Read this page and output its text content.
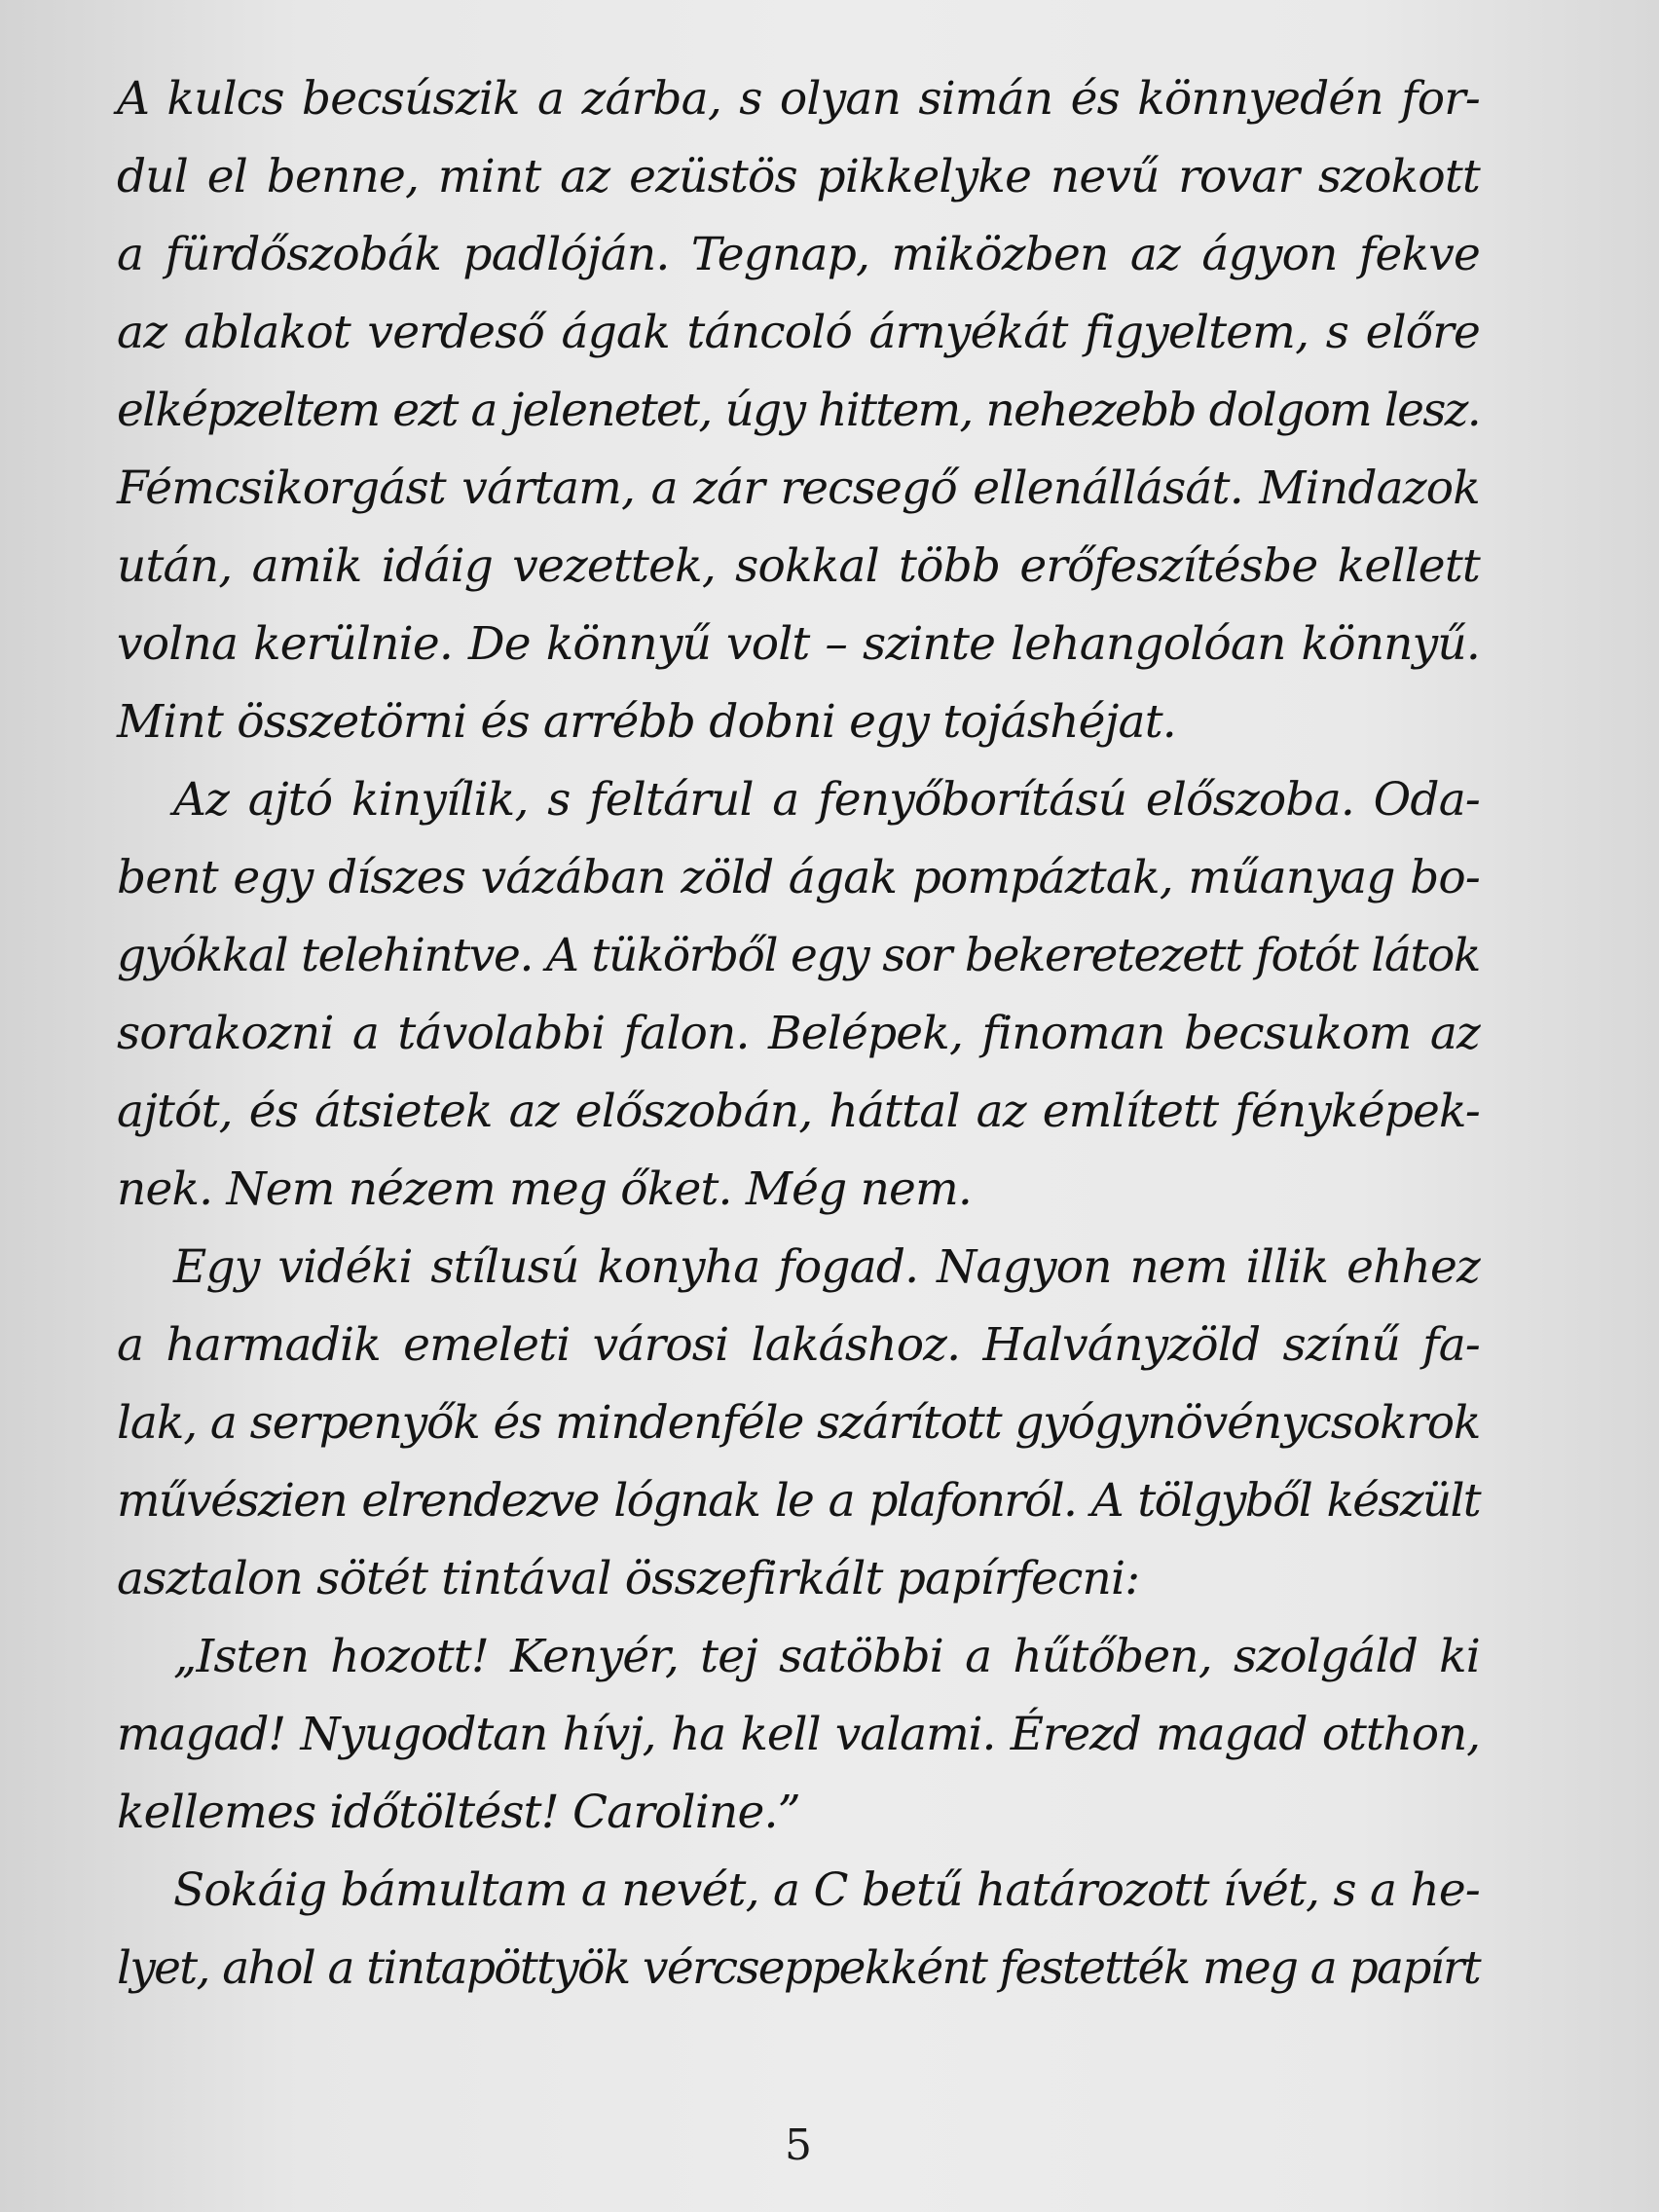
A kulcs becsúszik a zárba, s olyan simán és könnyedén for-
dul el benne, mint az ezüstös pikkelyke nevű rovar szokott
a fürdőszobák padlóján. Tegnap, miközben az ágyon fekve
az ablakot verdeső ágak táncoló árnyékát figyeltem, s előre
elképzeltem ezt a jelenetet, úgy hittem, nehezebb dolgom lesz.
Fémcsikorgást vártam, a zár recsegő ellenállását. Mindazok
után, amik idáig vezettek, sokkal több erőfeszítésbe kellett
volna kerülnie. De könnyű volt – szinte lehangolóan könnyű.
Mint összetörni és arrébb dobni egy tojáshéjat.
Az ajtó kinyílik, s feltárul a fenyőborítású előszoba. Oda-
bent egy díszes vázában zöld ágak pompáztak, műanyag bo-
gyókkal telehintve. A tükörből egy sor bekeretezett fotót látok
sorakozni a távolabbi falon. Belépek, finoman becsukom az
ajtót, és átsietek az előszobán, háttal az említett fényképek-
nek. Nem nézem meg őket. Még nem.
Egy vidéki stílusú konyha fogad. Nagyon nem illik ehhez
a harmadik emeleti városi lakáshoz. Halványzöld színű fa-
lak, a serpenyők és mindenféle szárított gyógynövénycsokrok
művészien elrendezve lógnak le a plafonról. A tölgyből készült
asztalon sötét tintával összefirkált papírfecni:
„Isten hozott! Kenyér, tej satöbbi a hűtőben, szolgáld ki
magad! Nyugodtan hívj, ha kell valami. Érezd magad otthon,
kellemes időtöltést! Caroline.”
Sokáig bámultam a nevét, a C betű határozott ívét, s a he-
lyet, ahol a tintapöttyök vércseppekként festették meg a papírt
5
